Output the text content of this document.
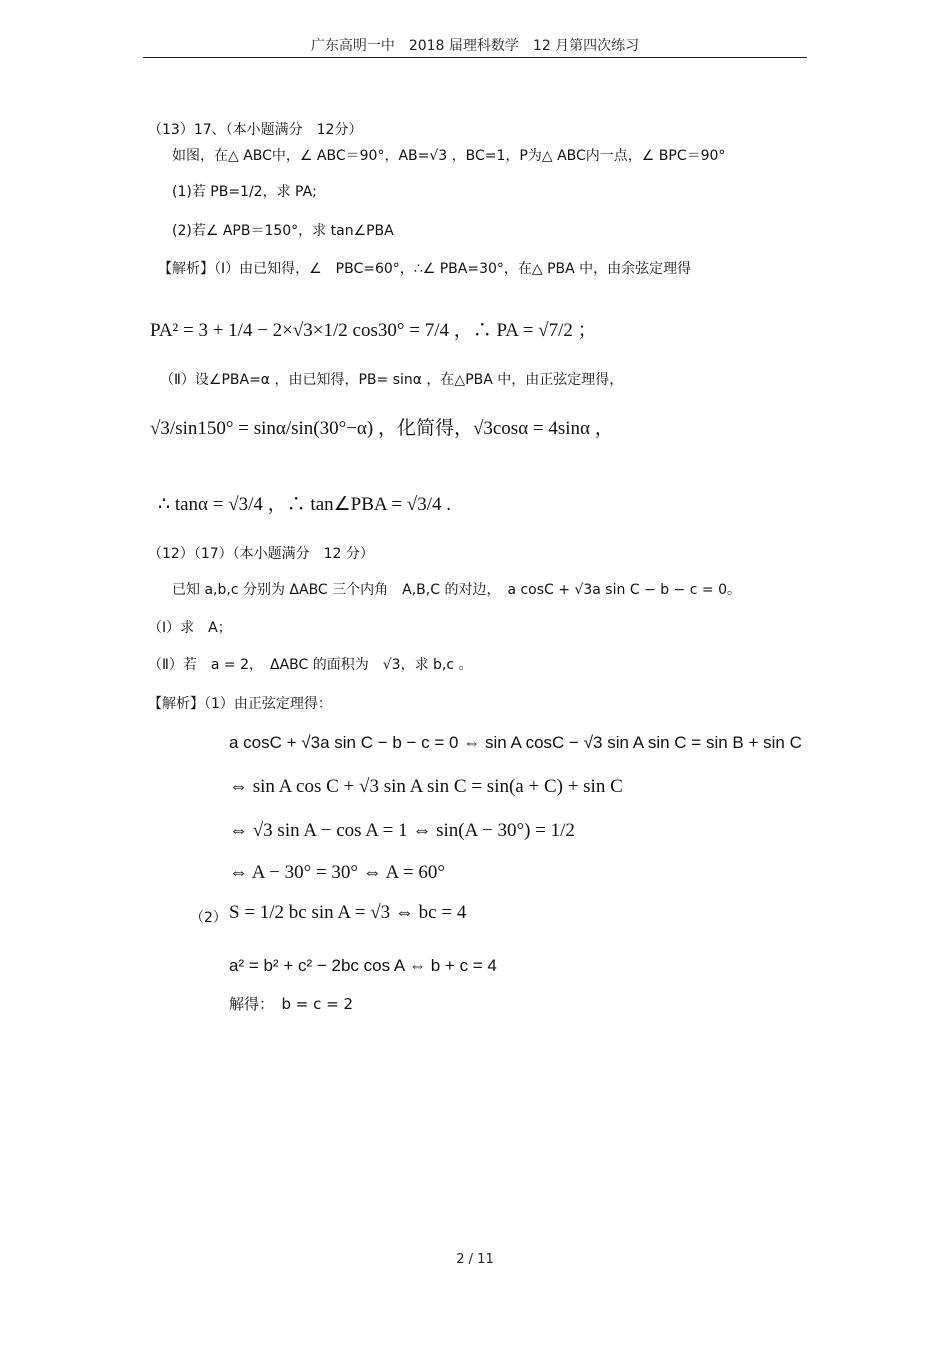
广东高明一中　2018 届理科数学　12 月第四次练习
（13）17、（本小题满分　12分）
如图，在△ ABC中，∠ ABC＝90°，AB=√3 ，BC=1，P为△ ABC内一点，∠ BPC＝90°
(1)若 PB=1/2，求 PA;
(2)若∠ APB＝150°，求 tan∠PBA
【解析】（Ⅰ）由已知得，∠　PBC=60°，∴∠ PBA=30°，在△ PBA 中，由余弦定理得
PA² = 3 + 1/4 − 2×√3×1/2 cos30° = 7/4 ，∴ PA = √7/2 ；
（Ⅱ）设∠PBA=α ，由已知得，PB= sinα ，在△PBA 中，由正弦定理得，
√3/sin150° = sinα/sin(30°−α) ，化简得，√3cosα = 4sinα ，
∴ tanα = √3/4 ，∴ tan∠PBA = √3/4 .
（12）（17）（本小题满分　12 分）
已知 a,b,c 分别为 ΔABC 三个内角　A,B,C 的对边，　a cosC + √3a sin C − b − c = 0。
（Ⅰ）求　A；
（Ⅱ）若　a = 2，　ΔABC 的面积为　√3，求 b,c 。
【解析】（1）由正弦定理得：
a cosC + √3a sin C − b − c = 0 ⇔ sin A cosC − √3 sin A sin C = sin B + sin C
⇔ sin A cos C + √3 sin A sin C = sin(a + C) + sin C
⇔ √3 sin A − cos A = 1 ⇔ sin(A − 30°) = 1/2
⇔ A − 30° = 30° ⇔ A = 60°
（2） S = 1/2 bc sin A = √3 ⇔ bc = 4
a² = b² + c² − 2bc cos A ⇔ b + c = 4
解得：　b = c = 2
2 / 11
